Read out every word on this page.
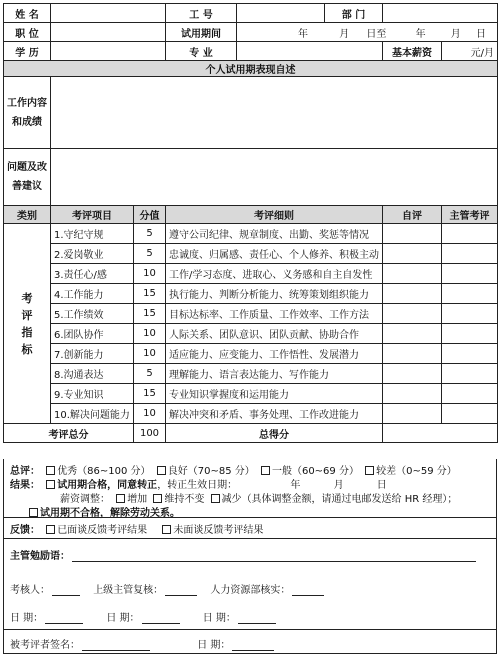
姓 名			工 号		部 门		
职 位			试用期间	年 月 日至 年 月 日			
学 历			专 业			基本薪资	元/月
个人试用期表现自述							
工作内容和成绩							
问题及改善建议							
类别	考评项目	分值	考评细则			自评	主管考评
考评指标	1.守纪守规	5	遵守公司纪律、规章制度、出勤、奖惩等情况				
	2.爱岗敬业	5	忠诚度、归属感、责任心、个人修养、积极主动				
	3.责任心/感	10	工作/学习态度、进取心、义务感和自主自发性				
	4.工作能力	15	执行能力、判断分析能力、统筹策划组织能力				
	5.工作绩效	15	目标达标率、工作质量、工作效率、工作方法				
	6.团队协作	10	人际关系、团队意识、团队贡献、协助合作				
	7.创新能力	10	适应能力、应变能力、工作悟性、发展潜力				
	8.沟通表达	5	理解能力、语言表达能力、写作能力				
	9.专业知识	15	专业知识掌握度和运用能力				
	10.解决问题能力	10	解决冲突和矛盾、事务处理、工作改进能力				
考评总分		100	总得分				
总评： 优秀（86~100 分） 良好（70~85 分） 一般（60~69 分） 较差（0~59 分）
结果： 试用期合格，同意转正，转正生效日期：	年	月	日
薪资调整： 增加 维持不变 减少（具体调整金额，请通过电邮发送给 HR 经理）；
试用期不合格，解除劳动关系。
反馈： 已面谈反馈考评结果	未面谈反馈考评结果
主管勉励语：
考核人：	上级主管复核：	人力资源部核实：
日 期：	日 期：	日 期：
被考评者签名：	日 期：
